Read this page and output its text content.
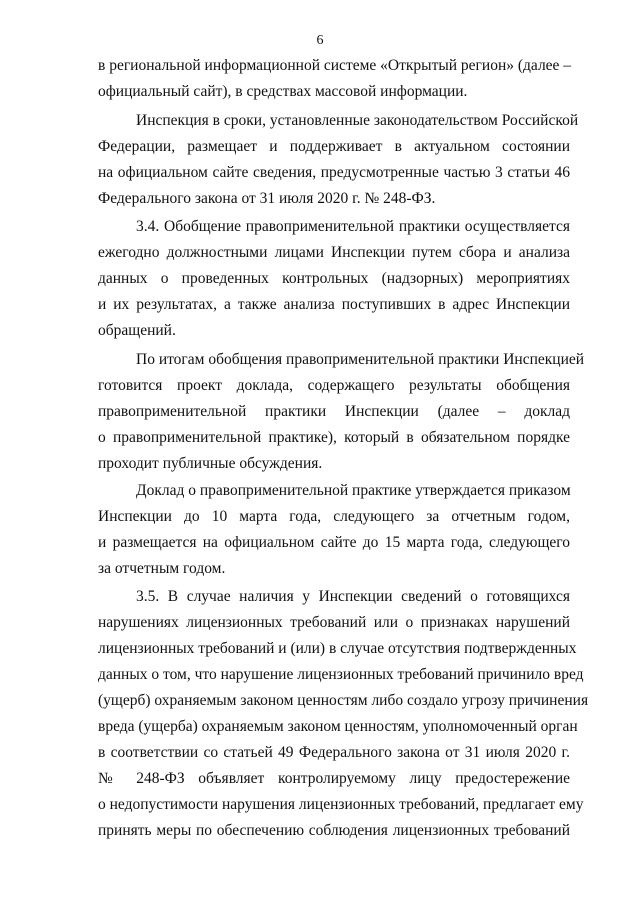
6
в региональной информационной системе «Открытый регион» (далее –
официальный сайт), в средствах массовой информации.
Инспекция в сроки, установленные законодательством Российской
Федерации, размещает и поддерживает в актуальном состоянии
на официальном сайте сведения, предусмотренные частью 3 статьи 46
Федерального закона от 31 июля 2020 г. № 248-ФЗ.
3.4. Обобщение правоприменительной практики осуществляется
ежегодно должностными лицами Инспекции путем сбора и анализа
данных о проведенных контрольных (надзорных) мероприятиях
и их результатах, а также анализа поступивших в адрес Инспекции
обращений.
По итогам обобщения правоприменительной практики Инспекцией
готовится проект доклада, содержащего результаты обобщения
правоприменительной практики Инспекции (далее – доклад
о правоприменительной практике), который в обязательном порядке
проходит публичные обсуждения.
Доклад о правоприменительной практике утверждается приказом
Инспекции до 10 марта года, следующего за отчетным годом,
и размещается на официальном сайте до 15 марта года, следующего
за отчетным годом.
3.5. В случае наличия у Инспекции сведений о готовящихся
нарушениях лицензионных требований или о признаках нарушений
лицензионных требований и (или) в случае отсутствия подтвержденных
данных о том, что нарушение лицензионных требований причинило вред
(ущерб) охраняемым законом ценностям либо создало угрозу причинения
вреда (ущерба) охраняемым законом ценностям, уполномоченный орган
в соответствии со статьей 49 Федерального закона от 31 июля 2020 г.
№ 248-ФЗ объявляет контролируемому лицу предостережение
о недопустимости нарушения лицензионных требований, предлагает ему
принять меры по обеспечению соблюдения лицензионных требований
